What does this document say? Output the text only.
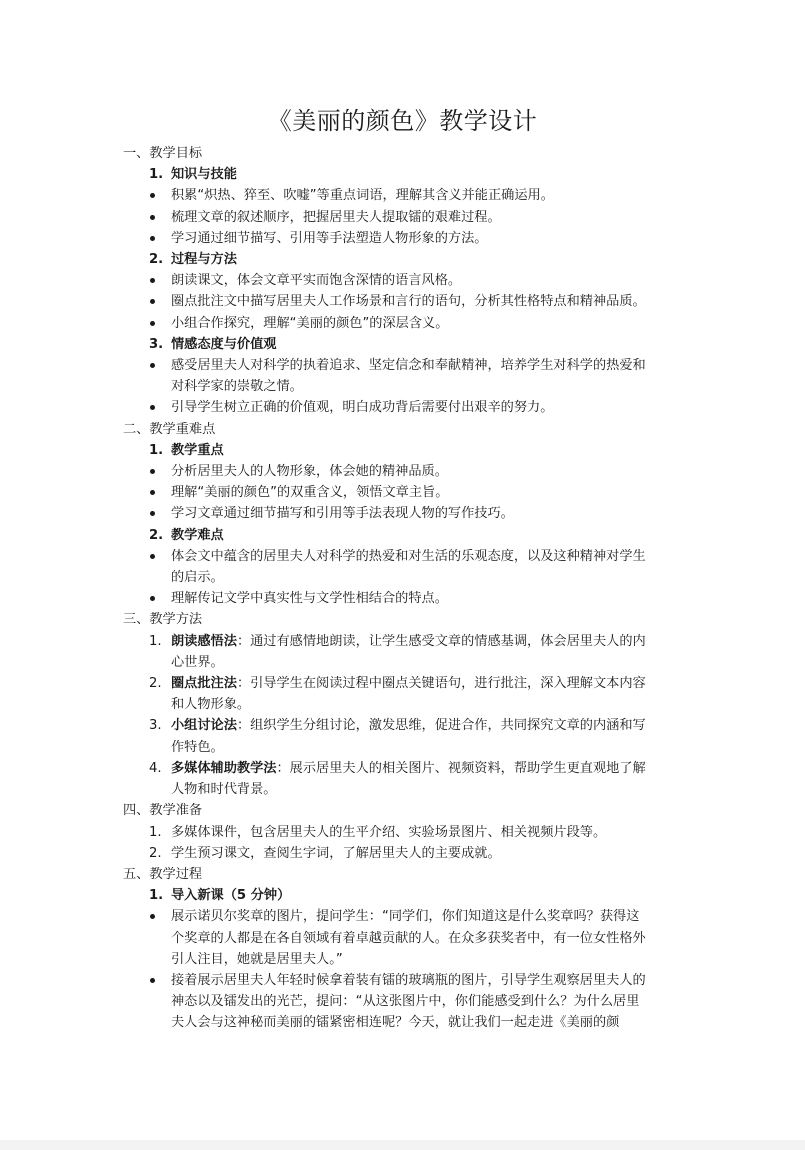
《美丽的颜色》教学设计
一、教学目标
1. 知识与技能
积累“炽热、猝至、吹嘘”等重点词语，理解其含义并能正确运用。
梳理文章的叙述顺序，把握居里夫人提取镭的艰难过程。
学习通过细节描写、引用等手法塑造人物形象的方法。
2. 过程与方法
朗读课文，体会文章平实而饱含深情的语言风格。
圈点批注文中描写居里夫人工作场景和言行的语句，分析其性格特点和精神品质。
小组合作探究，理解“美丽的颜色”的深层含义。
3. 情感态度与价值观
感受居里夫人对科学的执着追求、坚定信念和奉献精神，培养学生对科学的热爱和
对科学家的崇敬之情。
引导学生树立正确的价值观，明白成功背后需要付出艰辛的努力。
二、教学重难点
1. 教学重点
分析居里夫人的人物形象，体会她的精神品质。
理解“美丽的颜色”的双重含义，领悟文章主旨。
学习文章通过细节描写和引用等手法表现人物的写作技巧。
2. 教学难点
体会文中蕴含的居里夫人对科学的热爱和对生活的乐观态度，以及这种精神对学生
的启示。
理解传记文学中真实性与文学性相结合的特点。
三、教学方法
1. 朗读感悟法：通过有感情地朗读，让学生感受文章的情感基调，体会居里夫人的内
心世界。
2. 圈点批注法：引导学生在阅读过程中圈点关键语句，进行批注，深入理解文本内容
和人物形象。
3. 小组讨论法：组织学生分组讨论，激发思维，促进合作，共同探究文章的内涵和写
作特色。
4. 多媒体辅助教学法：展示居里夫人的相关图片、视频资料，帮助学生更直观地了解
人物和时代背景。
四、教学准备
1. 多媒体课件，包含居里夫人的生平介绍、实验场景图片、相关视频片段等。
2. 学生预习课文，查阅生字词，了解居里夫人的主要成就。
五、教学过程
1. 导入新课（5 分钟）
展示诺贝尔奖章的图片，提问学生：“同学们，你们知道这是什么奖章吗？获得这
个奖章的人都是在各自领域有着卓越贡献的人。在众多获奖者中，有一位女性格外
引人注目，她就是居里夫人。”
接着展示居里夫人年轻时候拿着装有镭的玻璃瓶的图片，引导学生观察居里夫人的
神态以及镭发出的光芒，提问：“从这张图片中，你们能感受到什么？为什么居里
夫人会与这神秘而美丽的镭紧密相连呢？今天，就让我们一起走进《美丽的颜
